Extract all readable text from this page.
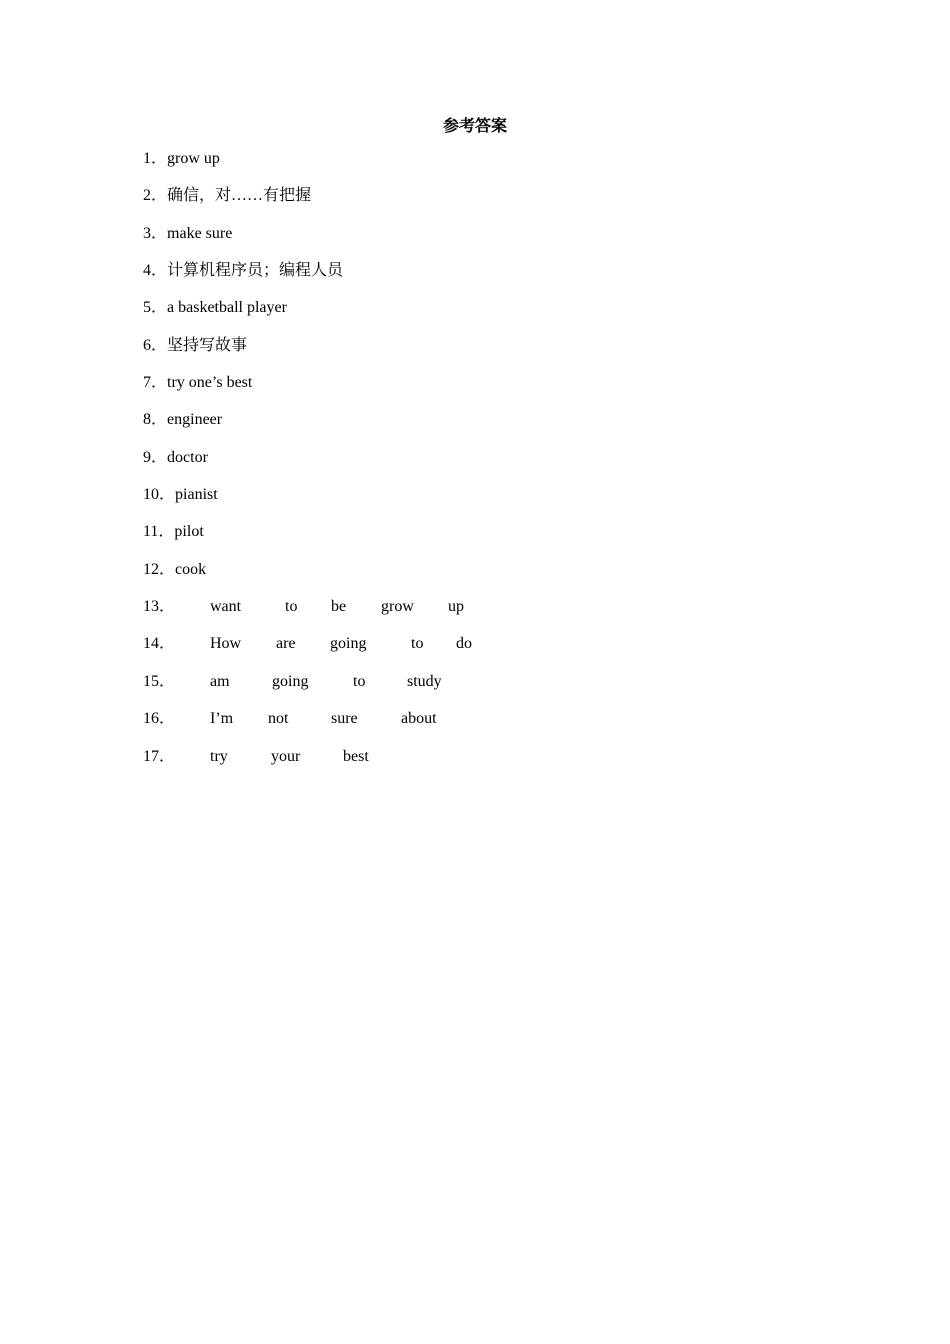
参考答案
1．grow up
2．确信，对……有把握
3．make sure
4．计算机程序员；编程人员
5．a basketball player
6．坚持写故事
7．try one’s best
8．engineer
9．doctor
10．pianist
11．pilot
12．cook
13． want	to be grow up
14． How are going	to do
15． am	going	to	study
16． I’m not	sure	about
17． try	your	best
